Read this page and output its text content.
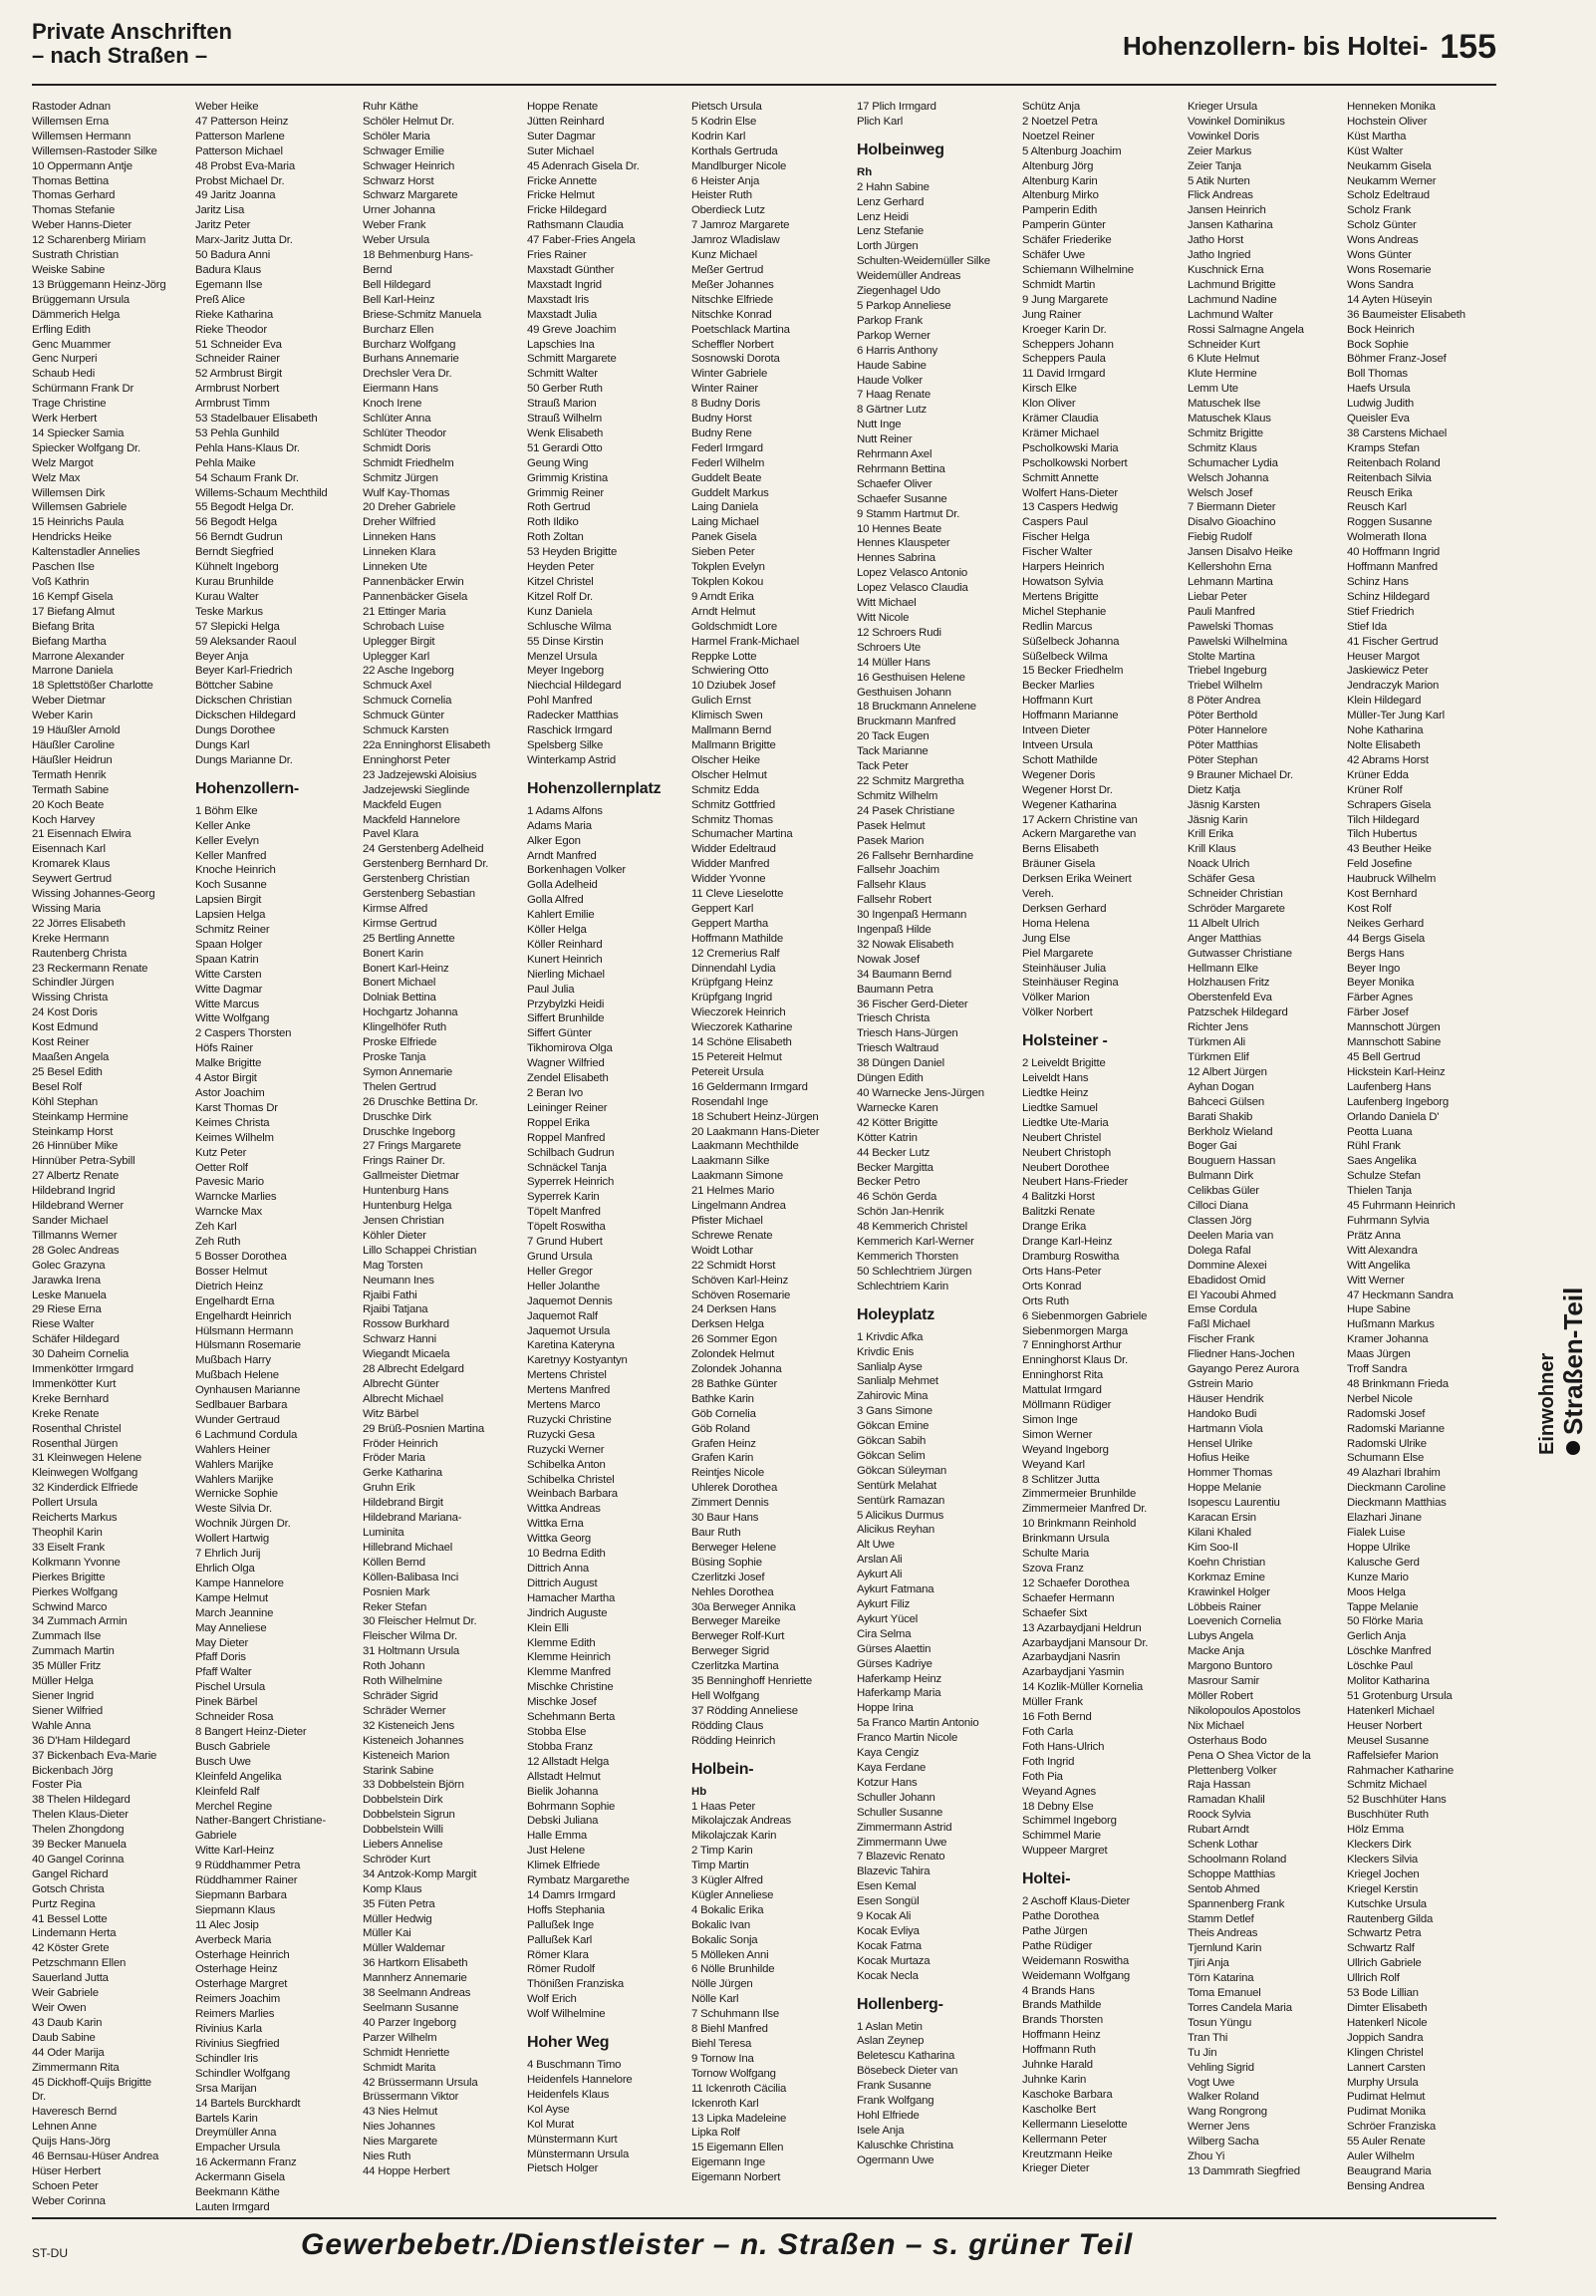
Private Anschriften
– nach Straßen –	Hohenzollern- bis Holtei- 155
Rastoder Adnan
Willemsen Erna
Willemsen Hermann
Willemsen-Rastoder Silke
10 Oppermann Antje
Thomas Bettina
Thomas Gerhard
Thomas Stefanie
Weber Hanns-Dieter
12 Scharenberg Miriam
Sustrath Christian
Weiske Sabine
13 Brüggemann Heinz-Jörg
Brüggemann Ursula
Dämmerich Helga
Erfling Edith
Genc Muammer
Genc Nurperi
Schaub Hedi
Schürmann Frank Dr
Trage Christine
Werk Herbert
14 Spiecker Samia
Spiecker Wolfgang Dr.
Welz Margot
Welz Max
Willemsen Dirk
Willemsen Gabriele
15 Heinrichs Paula
Hendricks Heike
Kaltenstadler Annelies
Paschen Ilse
Voß Kathrin
16 Kempf Gisela
17 Biefang Almut
Biefang Brita
Biefang Martha
Marrone Alexander
Marrone Daniela
18 Splettstößer Charlotte
Weber Dietmar
Weber Karin
19 Häußler Arnold
Häußler Caroline
Häußler Heidrun
Termath Henrik
Termath Sabine
20 Koch Beate
Koch Harvey
21 Eisennach Elwira
Eisennach Karl
Kromarek Klaus
Seywert Gertrud
Wissing Johannes-Georg
Wissing Maria
22 Jörres Elisabeth
Kreke Hermann
Rautenberg Christa
23 Reckermann Renate
Schindler Jürgen
Wissing Christa
24 Kost Doris
Kost Edmund
Kost Reiner
Maaßen Angela
25 Besel Edith
Besel Rolf
Köhl Stephan
Steinkamp Hermine
Steinkamp Horst
26 Hinnüber Mike
Hinnüber Petra-Sybill
27 Albertz Renate
Hildebrand Ingrid
Hildebrand Werner
Sander Michael
Tillmanns Werner
28 Golec Andreas
Golec Grazyna
Jarawka Irena
Leske Manuela
29 Riese Erna
Riese Walter
Schäfer Hildegard
30 Daheim Cornelia
Immenkötter Irmgard
Immenkötter Kurt
Kreke Bernhard
Kreke Renate
Rosenthal Christel
Rosenthal Jürgen
31 Kleinwegen Helene
Kleinwegen Wolfgang
32 Kinderdick Elfriede
Pollert Ursula
Reicherts Markus
Theophil Karin
33 Eiselt Frank
Kolkmann Yvonne
Pierkes Brigitte
Pierkes Wolfgang
Schwind Marco
34 Zummach Armin
Zummach Ilse
Zummach Martin
35 Müller Fritz
Müller Helga
Siener Ingrid
Siener Wilfried
Wahle Anna
36 D'Ham Hildegard
37 Bickenbach Eva-Marie
Bickenbach Jörg
Foster Pia
38 Thelen Hildegard
Thelen Klaus-Dieter
Thelen Zhongdong
39 Becker Manuela
40 Gangel Corinna
Gangel Richard
Gotsch Christa
Purtz Regina
41 Bessel Lotte
Lindemann Herta
42 Köster Grete
Petzschmann Ellen
Sauerland Jutta
Weir Gabriele
Weir Owen
43 Daub Karin
Daub Sabine
44 Oder Marija
Zimmermann Rita
45 Dickhoff-Quijs Brigitte
Dr.
Haveresch Bernd
Lehnen Anne
Quijs Hans-Jörg
46 Bernsau-Hüser Andrea
Hüser Herbert
Schoen Peter
Weber Corinna
Weber Heike
47 Patterson Heinz
Patterson Marlene
Patterson Michael
48 Probst Eva-Maria
Probst Michael Dr.
49 Jaritz Joanna
Jaritz Lisa
Jaritz Peter
Marx-Jaritz Jutta Dr.
50 Badura Anni
Badura Klaus
Egemann Ilse
Preß Alice
Rieke Katharina
Rieke Theodor
51 Schneider Eva
Schneider Rainer
52 Armbrust Birgit
Armbrust Norbert
Armbrust Timm
53 Stadelbauer Elisabeth
53 Pehla Gunhild
Pehla Hans-Klaus Dr.
Pehla Maike
54 Schaum Frank Dr.
Willems-Schaum Mechthild
55 Begodt Helga Dr.
56 Begodt Helga
56 Berndt Gudrun
Berndt Siegfried
Kühnelt Ingeborg
Kurau Brunhilde
Kurau Walter
Teske Markus
57 Slepicki Helga
59 Aleksander Raoul
Beyer Anja
Beyer Karl-Friedrich
Böttcher Sabine
Dickschen Christian
Dickschen Hildegard
Dungs Dorothee
Dungs Karl
Dungs Marianne Dr.
Hohenzollern-
1 Böhm Elke
Keller Anke
Keller Evelyn
Keller Manfred
Knoche Heinrich
Koch Susanne
Lapsien Birgit
Lapsien Helga
Schmitz Reiner
Spaan Holger
Spaan Katrin
Witte Carsten
Witte Dagmar
Witte Marcus
Witte Wolfgang
2 Caspers Thorsten
Höfs Rainer
Malke Brigitte
4 Astor Birgit
Astor Joachim
Karst Thomas Dr
Keimes Christa
Keimes Wilhelm
Kutz Peter
Oetter Rolf
Pavesic Mario
Warncke Marlies
Warncke Max
Zeh Karl
Zeh Ruth
5 Bosser Dorothea
Bosser Helmut
Dietrich Heinz
Engelhardt Erna
Engelhardt Heinrich
Hülsmann Hermann
Hülsmann Rosemarie
Mußbach Harry
Mußbach Helene
Oynhausen Marianne
Sedlbauer Barbara
Wunder Gertraud
6 Lachmund Cordula
Wahlers Heiner
Wahlers Marijke
Wahlers Marijke
Wernicke Sophie
Weste Silvia Dr.
Wochnik Jürgen Dr.
Wollert Hartwig
7 Ehrlich Jurij
Ehrlich Olga
Kampe Hannelore
Kampe Helmut
March Jeannine
May Anneliese
May Dieter
Pfaff Doris
Pfaff Walter
Pischel Ursula
Pinek Bärbel
Schneider Rosa
8 Bangert Heinz-Dieter
Busch Gabriele
Busch Uwe
Kleinfeld Angelika
Kleinfeld Ralf
Merchel Regine
Nather-Bangert Christiane-
Gabriele
Witte Karl-Heinz
9 Rüddhammer Petra
Rüddhammer Rainer
Siepmann Barbara
Siepmann Klaus
11 Alec Josip
Averbeck Maria
Osterhage Heinrich
Osterhage Heinz
Osterhage Margret
Reimers Joachim
Reimers Marlies
Rivinius Karla
Rivinius Siegfried
Schindler Iris
Schindler Wolfgang
Srsa Marijan
14 Bartels Burckhardt
Bartels Karin
Dreymüller Anna
Empacher Ursula
16 Ackermann Franz
Ackermann Gisela
Beekmann Käthe
Lauten Irmgard
Ruhr Käthe
Schöler Helmut Dr.
Schöler Maria
Schwager Emilie
Schwager Heinrich
Schwarz Horst
Schwarz Margarete
Urner Johanna
Weber Frank
Weber Ursula
18 Behmenburg Hans-
Bernd
Bell Hildegard
Bell Karl-Heinz
Briese-Schmitz Manuela
Burcharz Ellen
Burcharz Wolfgang
Burhans Annemarie
Drechsler Vera Dr.
Eiermann Hans
Knoch Irene
Schlüter Anna
Schlüter Theodor
Schmidt Doris
Schmidt Friedhelm
Schmitz Jürgen
Wulf Kay-Thomas
20 Dreher Gabriele
Dreher Wilfried
Linneken Hans
Linneken Klara
Linneken Ute
Pannenbäcker Erwin
Pannenbäcker Gisela
21 Ettinger Maria
Schrobach Luise
Uplegger Birgit
Uplegger Karl
22 Asche Ingeborg
Schmuck Axel
Schmuck Cornelia
Schmuck Günter
Schmuck Karsten
22a Enninghorst Elisabeth
Enninghorst Peter
23 Jadzejewski Aloisius
Jadzejewski Sieglinde
Mackfeld Eugen
Mackfeld Hannelore
Pavel Klara
24 Gerstenberg Adelheid
Gerstenberg Bernhard Dr.
Gerstenberg Christian
Gerstenberg Sebastian
Kirmse Alfred
Kirmse Gertrud
25 Bertling Annette
Bonert Karin
Bonert Karl-Heinz
Bonert Michael
Dolniak Bettina
Hochgartz Johanna
Klingelhöfer Ruth
Proske Elfriede
Proske Tanja
Symon Annemarie
Thelen Gertrud
26 Druschke Bettina Dr.
Druschke Dirk
Druschke Ingeborg
27 Frings Margarete
Frings Rainer Dr.
Gallmeister Dietmar
Huntenburg Hans
Huntenburg Helga
Jensen Christian
Köhler Dieter
Lillo Schappei Christian
Mag Torsten
Neumann Ines
Rjaibi Fathi
Rjaibi Tatjana
Rossow Burkhard
Schwarz Hanni
Wiegandt Micaela
28 Albrecht Edelgard
Albrecht Günter
Albrecht Michael
Witz Bärbel
29 Brüß-Posnien Martina
Fröder Heinrich
Fröder Maria
Gerke Katharina
Gruhn Erik
Hildebrand Birgit
Hildebrand Mariana-
Luminita
Hillebrand Michael
Köllen Bernd
Köllen-Balibasa Inci
Posnien Mark
Reker Stefan
30 Fleischer Helmut Dr.
Fleischer Wilma Dr.
31 Holtmann Ursula
Roth Johann
Roth Wilhelmine
Schräder Sigrid
Schräder Werner
32 Kisteneich Jens
Kisteneich Johannes
Kisteneich Marion
Starink Sabine
33 Dobbelstein Björn
Dobbelstein Dirk
Dobbelstein Sigrun
Dobbelstein Willi
Liebers Annelise
Schröder Kurt
34 Antzok-Komp Margit
Komp Klaus
35 Füten Petra
Müller Hedwig
Müller Kai
Müller Waldemar
36 Hartkorn Elisabeth
Mannherz Annemarie
38 Seelmann Andreas
Seelmann Susanne
40 Parzer Ingeborg
Parzer Wilhelm
Schmidt Henriette
Schmidt Marita
42 Brüssermann Ursula
Brüssermann Viktor
43 Nies Helmut
Nies Johannes
Nies Margarete
Nies Ruth
44 Hoppe Herbert
Hoppe Renate
Jütten Reinhard
Suter Dagmar
Suter Michael
45 Adenrach Gisela Dr.
Fricke Annette
Fricke Helmut
Fricke Hildegard
Rathsmann Claudia
47 Faber-Fries Angela
Fries Rainer
Maxstadt Günther
Maxstadt Ingrid
Maxstadt Iris
Maxstadt Julia
49 Greve Joachim
Lapschies Ina
Schmitt Margarete
Schmitt Walter
50 Gerber Ruth
Strauß Marion
Strauß Wilhelm
Wenk Elisabeth
51 Gerardi Otto
Geung Wing
Grimmig Kristina
Grimmig Reiner
Roth Gertrud
Roth Ildiko
Roth Zoltan
53 Heyden Brigitte
Heyden Peter
Kitzel Christel
Kitzel Rolf Dr.
Kunz Daniela
Schlusche Wilma
55 Dinse Kirstin
Menzel Ursula
Meyer Ingeborg
Niechcial Hildegard
Pohl Manfred
Radecker Matthias
Raschick Irmgard
Spelsberg Silke
Winterkamp Astrid
Hohenzollernplatz
1 Adams Alfons
Adams Maria
Alker Egon
Arndt Manfred
Borkenhagen Volker
Golla Adelheid
Golla Alfred
Kahlert Emilie
Köller Helga
Köller Reinhard
Kunert Heinrich
Nierling Michael
Paul Julia
Przybylzki Heidi
Siffert Brunhilde
Siffert Günter
Tikhomirova Olga
Wagner Wilfried
Zendel Elisabeth
2 Beran Ivo
Leininger Reiner
Roppel Erika
Roppel Manfred
Schilbach Gudrun
Schnäckel Tanja
Syperrek Heinrich
Syperrek Karin
Töpelt Manfred
Töpelt Roswitha
7 Grund Hubert
Grund Ursula
Heller Gregor
Heller Jolanthe
Jaquemot Dennis
Jaquemot Ralf
Jaquemot Ursula
Karetina Kateryna
Karetnyy Kostyantyn
Mertens Christel
Mertens Manfred
Mertens Marco
Ruzycki Christine
Ruzycki Gesa
Ruzycki Werner
Schibelka Anton
Schibelka Christel
Weinbach Barbara
Wittka Andreas
Wittka Erna
Wittka Georg
10 Bedrna Edith
Dittrich Anna
Dittrich August
Hamacher Martha
Jindrich Auguste
Klein Elli
Klemme Edith
Klemme Heinrich
Klemme Manfred
Mischke Christine
Mischke Josef
Schehmann Berta
Stobba Else
Stobba Franz
12 Allstadt Helga
Allstadt Helmut
Bielik Johanna
Bohrmann Sophie
Debski Juliana
Halle Emma
Just Helene
Klimek Elfriede
Rymbatz Margarethe
14 Damrs Irmgard
Hoffs Stephania
Pallußek Inge
Pallußek Karl
Römer Klara
Römer Rudolf
Thönißen Franziska
Wolf Erich
Wolf Wilhelmine
Hoher Weg
4 Buschmann Timo
Heidenfels Hannelore
Heidenfels Klaus
Kol Ayse
Kol Murat
Münstermann Kurt
Münstermann Ursula
Pietsch Holger
Pietsch Ursula
5 Kodrin Else
Kodrin Karl
Korthals Gertruda
Mandlburger Nicole
6 Heister Anja
Heister Ruth
Oberdieck Lutz
7 Jamroz Margarete
Jamroz Wladislaw
Kunz Michael
Meßer Gertrud
Meßer Johannes
Nitschke Elfriede
Nitschke Konrad
Poetschlack Martina
Scheffler Norbert
Sosnowski Dorota
Winter Gabriele
Winter Rainer
8 Budny Doris
Budny Horst
Budny Rene
Federl Irmgard
Federl Wilhelm
Guddelt Beate
Guddelt Markus
Laing Daniela
Laing Michael
Panek Gisela
Sieben Peter
Tokplen Evelyn
Tokplen Kokou
9 Arndt Erika
Arndt Helmut
Goldschmidt Lore
Harmel Frank-Michael
Reppke Lotte
Schwiering Otto
10 Dziubek Josef
Gulich Ernst
Klimisch Swen
Mallmann Bernd
Mallmann Brigitte
Olscher Heike
Olscher Helmut
Schmitz Edda
Schmitz Gottfried
Schmitz Thomas
Schumacher Martina
Widder Edeltraud
Widder Manfred
Widder Yvonne
11 Cleve Lieselotte
Geppert Karl
Geppert Martha
Hoffmann Mathilde
12 Cremerius Ralf
Dinnendahl Lydia
Krüpfgang Heinz
Krüpfgang Ingrid
Wieczorek Heinrich
Wieczorek Katharine
14 Schöne Elisabeth
15 Petereit Helmut
Petereit Ursula
16 Geldermann Irmgard
Rosendahl Inge
18 Schubert Heinz-Jürgen
20 Laakmann Hans-Dieter
Laakmann Mechthilde
Laakmann Silke
Laakmann Simone
21 Helmes Mario
Lingelmann Andrea
Pfister Michael
Schrewe Renate
Woidt Lothar
22 Schmidt Horst
Schöven Karl-Heinz
Schöven Rosemarie
24 Derksen Hans
Derksen Helga
26 Sommer Egon
Zolondek Helmut
Zolondek Johanna
28 Bathke Günter
Bathke Karin
Göb Cornelia
Göb Roland
Grafen Heinz
Grafen Karin
Reintjes Nicole
Uhlerek Dorothea
Zimmert Dennis
30 Baur Hans
Baur Ruth
Berweger Helene
Büsing Sophie
Czerlitzki Josef
Nehles Dorothea
30a Berweger Annika
Berweger Mareike
Berweger Rolf-Kurt
Berweger Sigrid
Czerlitzka Martina
35 Benninghoff Henriette
Hell Wolfgang
37 Rödding Anneliese
Rödding Claus
Rödding Heinrich
Holbein-
Hb
1 Haas Peter
Mikolajczak Andreas
Mikolajczak Karin
2 Timp Karin
Timp Martin
3 Kügler Alfred
Kügler Anneliese
4 Bokalic Erika
Bokalic Ivan
Bokalic Sonja
5 Mölleken Anni
6 Nölle Brunhilde
Nölle Jürgen
Nölle Karl
7 Schuhmann Ilse
8 Biehl Manfred
Biehl Teresa
9 Tornow Ina
Tornow Wolfgang
11 Ickenroth Cäcilia
Ickenroth Karl
13 Lipka Madeleine
Lipka Rolf
15 Eigemann Ellen
Eigemann Inge
Eigemann Norbert
17 Plich Irmgard
Plich Karl
Holbeinweg
Rh
2 Hahn Sabine
Lenz Gerhard
Lenz Heidi
Lenz Stefanie
Lorth Jürgen
Schulten-Weidemüller Silke
Weidemüller Andreas
Ziegenhagel Udo
5 Parkop Anneliese
Parkop Frank
Parkop Werner
6 Harris Anthony
Haude Sabine
Haude Volker
7 Haag Renate
8 Gärtner Lutz
Nutt Inge
Nutt Reiner
Rehrmann Axel
Rehrmann Bettina
Schaefer Oliver
Schaefer Susanne
9 Stamm Hartmut Dr.
10 Hennes Beate
Hennes Klauspeter
Hennes Sabrina
Lopez Velasco Antonio
Lopez Velasco Claudia
Witt Michael
Witt Nicole
12 Schroers Rudi
Schroers Ute
14 Müller Hans
16 Gesthuisen Helene
Gesthuisen Johann
18 Bruckmann Annelene
Bruckmann Manfred
20 Tack Eugen
Tack Marianne
Tack Peter
22 Schmitz Margretha
Schmitz Wilhelm
24 Pasek Christiane
Pasek Helmut
Pasek Marion
26 Fallsehr Bernhardine
Fallsehr Joachim
Fallsehr Klaus
Fallsehr Robert
30 Ingenpaß Hermann
Ingenpaß Hilde
32 Nowak Elisabeth
Nowak Josef
34 Baumann Bernd
Baumann Petra
36 Fischer Gerd-Dieter
Triesch Christa
Triesch Hans-Jürgen
Triesch Waltraud
38 Düngen Daniel
Düngen Edith
40 Warnecke Jens-Jürgen
Warnecke Karen
42 Kötter Brigitte
Kötter Katrin
44 Becker Lutz
Becker Margitta
Becker Petro
46 Schön Gerda
Schön Jan-Henrik
48 Kemmerich Christel
Kemmerich Karl-Werner
Kemmerich Thorsten
50 Schlechtriem Jürgen
Schlechtriem Karin
Holeyplatz
1 Krivdic Afka
Krivdic Enis
Sanlialp Ayse
Sanlialp Mehmet
Zahirovic Mina
3 Gans Simone
Gökcan Emine
Gökcan Sabih
Gökcan Selim
Gökcan Süleyman
Sentürk Melahat
Sentürk Ramazan
5 Alicikus Durmus
Alicikus Reyhan
Alt Uwe
Arslan Ali
Aykurt Ali
Aykurt Fatmana
Aykurt Filiz
Aykurt Yücel
Cira Selma
Gürses Alaettin
Gürses Kadriye
Haferkamp Heinz
Haferkamp Maria
Hoppe Irina
5a Franco Martin Antonio
Franco Martin Nicole
Kaya Cengiz
Kaya Ferdane
Kotzur Hans
Schuller Johann
Schuller Susanne
Zimmermann Astrid
Zimmermann Uwe
7 Blazevic Renato
Blazevic Tahira
Esen Kemal
Esen Songül
9 Kocak Ali
Kocak Evliya
Kocak Fatma
Kocak Murtaza
Kocak Necla
Hollenberg-
1 Aslan Metin
Aslan Zeynep
Beletescu Katharina
Bösebeck Dieter van
Frank Susanne
Frank Wolfgang
Hohl Elfriede
Isele Anja
Kaluschke Christina
Ogermann Uwe
Schütz Anja
2 Noetzel Petra
Noetzel Reiner
5 Altenburg Joachim
Altenburg Jörg
Altenburg Karin
Altenburg Mirko
Pamperin Edith
Pamperin Günter
Schäfer Friederike
Schäfer Uwe
Schiemann Wilhelmine
Schmidt Martin
9 Jung Margarete
Jung Rainer
Kroeger Karin Dr.
Scheppers Johann
Scheppers Paula
11 David Irmgard
Kirsch Elke
Klon Oliver
Krämer Claudia
Krämer Michael
Pscholkowski Maria
Pscholkowski Norbert
Schmitt Annette
Wolfert Hans-Dieter
13 Caspers Hedwig
Caspers Paul
Fischer Helga
Fischer Walter
Harpers Heinrich
Howatson Sylvia
Mertens Brigitte
Michel Stephanie
Redlin Marcus
Süßelbeck Johanna
Süßelbeck Wilma
15 Becker Friedhelm
Becker Marlies
Hoffmann Kurt
Hoffmann Marianne
Intveen Dieter
Intveen Ursula
Schott Mathilde
Wegener Doris
Wegener Horst Dr.
Wegener Katharina
17 Ackern Christine van
Ackern Margarethe van
Berns Elisabeth
Bräuner Gisela
Derksen Erika Weinert
Vereh.
Derksen Gerhard
Homa Helena
Jung Else
Piel Margarete
Steinhäuser Julia
Steinhäuser Regina
Völker Marion
Völker Norbert
Holsteiner -
2 Leiveldt Brigitte
Leiveldt Hans
Liedtke Heinz
Liedtke Samuel
Liedtke Ute-Maria
Neubert Christel
Neubert Christoph
Neubert Dorothee
Neubert Hans-Frieder
4 Balitzki Horst
Balitzki Renate
Drange Erika
Drange Karl-Heinz
Dramburg Roswitha
Orts Hans-Peter
Orts Konrad
Orts Ruth
6 Siebenmorgen Gabriele
Siebenmorgen Marga
7 Enninghorst Arthur
Enninghorst Klaus Dr.
Enninghorst Rita
Mattulat Irmgard
Möllmann Rüdiger
Simon Inge
Simon Werner
Weyand Ingeborg
Weyand Karl
8 Schlitzer Jutta
Zimmermeier Brunhilde
Zimmermeier Manfred Dr.
10 Brinkmann Reinhold
Brinkmann Ursula
Schulte Maria
Szova Franz
12 Schaefer Dorothea
Schaefer Hermann
Schaefer Sixt
13 Azarbaydjani Heldrun
Azarbaydjani Mansour Dr.
Azarbaydjani Nasrin
Azarbaydjani Yasmin
14 Kozlik-Müller Kornelia
Müller Frank
16 Foth Bernd
Foth Carla
Foth Hans-Ulrich
Foth Ingrid
Foth Pia
Weyand Agnes
18 Debny Else
Schimmel Ingeborg
Schimmel Marie
Wuppeer Margret
Holtei-
2 Aschoff Klaus-Dieter
Pathe Dorothea
Pathe Jürgen
Pathe Rüdiger
Weidemann Roswitha
Weidemann Wolfgang
4 Brands Hans
Brands Mathilde
Brands Thorsten
Hoffmann Heinz
Hoffmann Ruth
Juhnke Harald
Juhnke Karin
Kaschoke Barbara
Kascholke Bert
Kellermann Lieselotte
Kellermann Peter
Kreutzmann Heike
Krieger Dieter
Krieger Ursula
Vowinkel Dominikus
Vowinkel Doris
Zeier Markus
Zeier Tanja
5 Atik Nurten
Flick Andreas
Jansen Heinrich
Jansen Katharina
Jatho Horst
Jatho Ingried
Kuschnick Erna
Lachmund Brigitte
Lachmund Nadine
Lachmund Walter
Rossi Salmagne Angela
Schneider Kurt
6 Klute Helmut
Klute Hermine
Lemm Ute
Matuschek Ilse
Matuschek Klaus
Schmitz Brigitte
Schmitz Klaus
Schumacher Lydia
Welsch Johanna
Welsch Josef
7 Biermann Dieter
Disalvo Gioachino
Fiebig Rudolf
Jansen Disalvo Heike
Kellershohn Erna
Lehmann Martina
Liebar Peter
Pauli Manfred
Pawelski Thomas
Pawelski Wilhelmina
Stolte Martina
Triebel Ingeburg
Triebel Wilhelm
8 Pöter Andrea
Pöter Berthold
Pöter Hannelore
Pöter Matthias
Pöter Stephan
9 Brauner Michael Dr.
Dietz Katja
Jäsnig Karsten
Jäsnig Karin
Krill Erika
Krill Klaus
Noack Ulrich
Schäfer Gesa
Schneider Christian
Schröder Margarete
11 Albelt Ulrich
Anger Matthias
Gutwasser Christiane
Hellmann Elke
Holzhausen Fritz
Oberstenfeld Eva
Patzschek Hildegard
Richter Jens
Türkmen Ali
Türkmen Elif
12 Albert Jürgen
Ayhan Dogan
Bahceci Gülsen
Barati Shakib
Berkholz Wieland
Boger Gai
Bouguern Hassan
Bulmann Dirk
Celikbas Güler
Cilloci Diana
Classen Jörg
Deelen Maria van
Dolega Rafal
Dommine Alexei
Ebadidost Omid
El Yacoubi Ahmed
Emse Cordula
Faßl Michael
Fischer Frank
Fliedner Hans-Jochen
Gayango Perez Aurora
Gstrein Mario
Häuser Hendrik
Handoko Budi
Hartmann Viola
Hensel Ulrike
Hofius Heike
Hommer Thomas
Hoppe Melanie
Isopescu Laurentiu
Karacan Ersin
Kilani Khaled
Kim Soo-Il
Koehn Christian
Korkmaz Emine
Krawinkel Holger
Löbbeis Rainer
Loevenich Cornelia
Lubys Angela
Macke Anja
Margono Buntoro
Masrour Samir
Möller Robert
Nikolopoulos Apostolos
Nix Michael
Osterhaus Bodo
Pena O Shea Victor de la
Plettenberg Volker
Raja Hassan
Ramadan Khalil
Roock Sylvia
Rubart Arndt
Schenk Lothar
Schoolmann Roland
Schoppe Matthias
Sentob Ahmed
Spannenberg Frank
Stamm Detlef
Theis Andreas
Tjernlund Karin
Tjiri Anja
Törn Katarina
Toma Emanuel
Torres Candela Maria
Tosun Yüngu
Tran Thi
Tu Jin
Vehling Sigrid
Vogt Uwe
Walker Roland
Wang Rongrong
Werner Jens
Wilberg Sacha
Zhou Yi
13 Dammrath Siegfried
Henneken Monika
Hochstein Oliver
Küst Martha
Küst Walter
Neukamm Gisela
Neukamm Werner
Scholz Edeltraud
Scholz Frank
Scholz Günter
Wons Andreas
Wons Günter
Wons Rosemarie
Wons Sandra
14 Ayten Hüseyin
36 Baumeister Elisabeth
Bock Heinrich
Bock Sophie
Böhmer Franz-Josef
Boll Thomas
Haefs Ursula
Ludwig Judith
Queisler Eva
38 Carstens Michael
Kramps Stefan
Reitenbach Roland
Reitenbach Silvia
Reusch Erika
Reusch Karl
Roggen Susanne
Wolmerath Ilona
40 Hoffmann Ingrid
Hoffmann Manfred
Schinz Hans
Schinz Hildegard
Stief Friedrich
Stief Ida
41 Fischer Gertrud
Heuser Margot
Jaskiewicz Peter
Jendraczyk Marion
Klein Hildegard
Müller-Ter Jung Karl
Nohe Katharina
Nolte Elisabeth
42 Abrams Horst
Krüner Edda
Krüner Rolf
Schrapers Gisela
Tilch Hildegard
Tilch Hubertus
43 Beuther Heike
Feld Josefine
Haubruck Wilhelm
Kost Bernhard
Kost Rolf
Neikes Gerhard
44 Bergs Gisela
Bergs Hans
Beyer Ingo
Beyer Monika
Färber Agnes
Färber Josef
Mannschott Jürgen
Mannschott Sabine
45 Bell Gertrud
Hickstein Karl-Heinz
Laufenberg Hans
Laufenberg Ingeborg
Orlando Daniela D'
Peotta Luana
Rühl Frank
Saes Angelika
Schulze Stefan
Thielen Tanja
45 Fuhrmann Heinrich
Fuhrmann Sylvia
Prätz Anna
Witt Alexandra
Witt Angelika
Witt Werner
47 Heckmann Sandra
Hupe Sabine
Hußmann Markus
Kramer Johanna
Maas Jürgen
Troff Sandra
48 Brinkmann Frieda
Nerbel Nicole
Radomski Josef
Radomski Marianne
Radomski Ulrike
Schumann Else
49 Alazhari Ibrahim
Dieckmann Caroline
Dieckmann Matthias
Elazhari Jinane
Fialek Luise
Hoppe Ulrike
Kalusche Gerd
Kunze Mario
Moos Helga
Tappe Melanie
50 Flörke Maria
Gerlich Anja
Löschke Manfred
Löschke Paul
Molitor Katharina
51 Grotenburg Ursula
Hatenkerl Michael
Heuser Norbert
Meusel Susanne
Raffelsiefer Marion
Rahmacher Katharine
Schmitz Michael
52 Buschhüter Hans
Buschhüter Ruth
Hölz Emma
Kleckers Dirk
Kleckers Silvia
Kriegel Jochen
Kriegel Kerstin
Kutschke Ursula
Rautenberg Gilda
Schwartz Petra
Schwartz Ralf
Ullrich Gabriele
Ullrich Rolf
53 Bode Lillian
Dimter Elisabeth
Hatenkerl Nicole
Joppich Sandra
Klingen Christel
Lannert Carsten
Murphy Ursula
Pudimat Helmut
Pudimat Monika
Schröer Franziska
55 Auler Renate
Auler Wilhelm
Beaugrand Maria
Bensing Andrea
Einwohner Straßen-Teil
ST-DU	Gewerbebetr./Dienstleister – n. Straßen – s. grüner Teil
